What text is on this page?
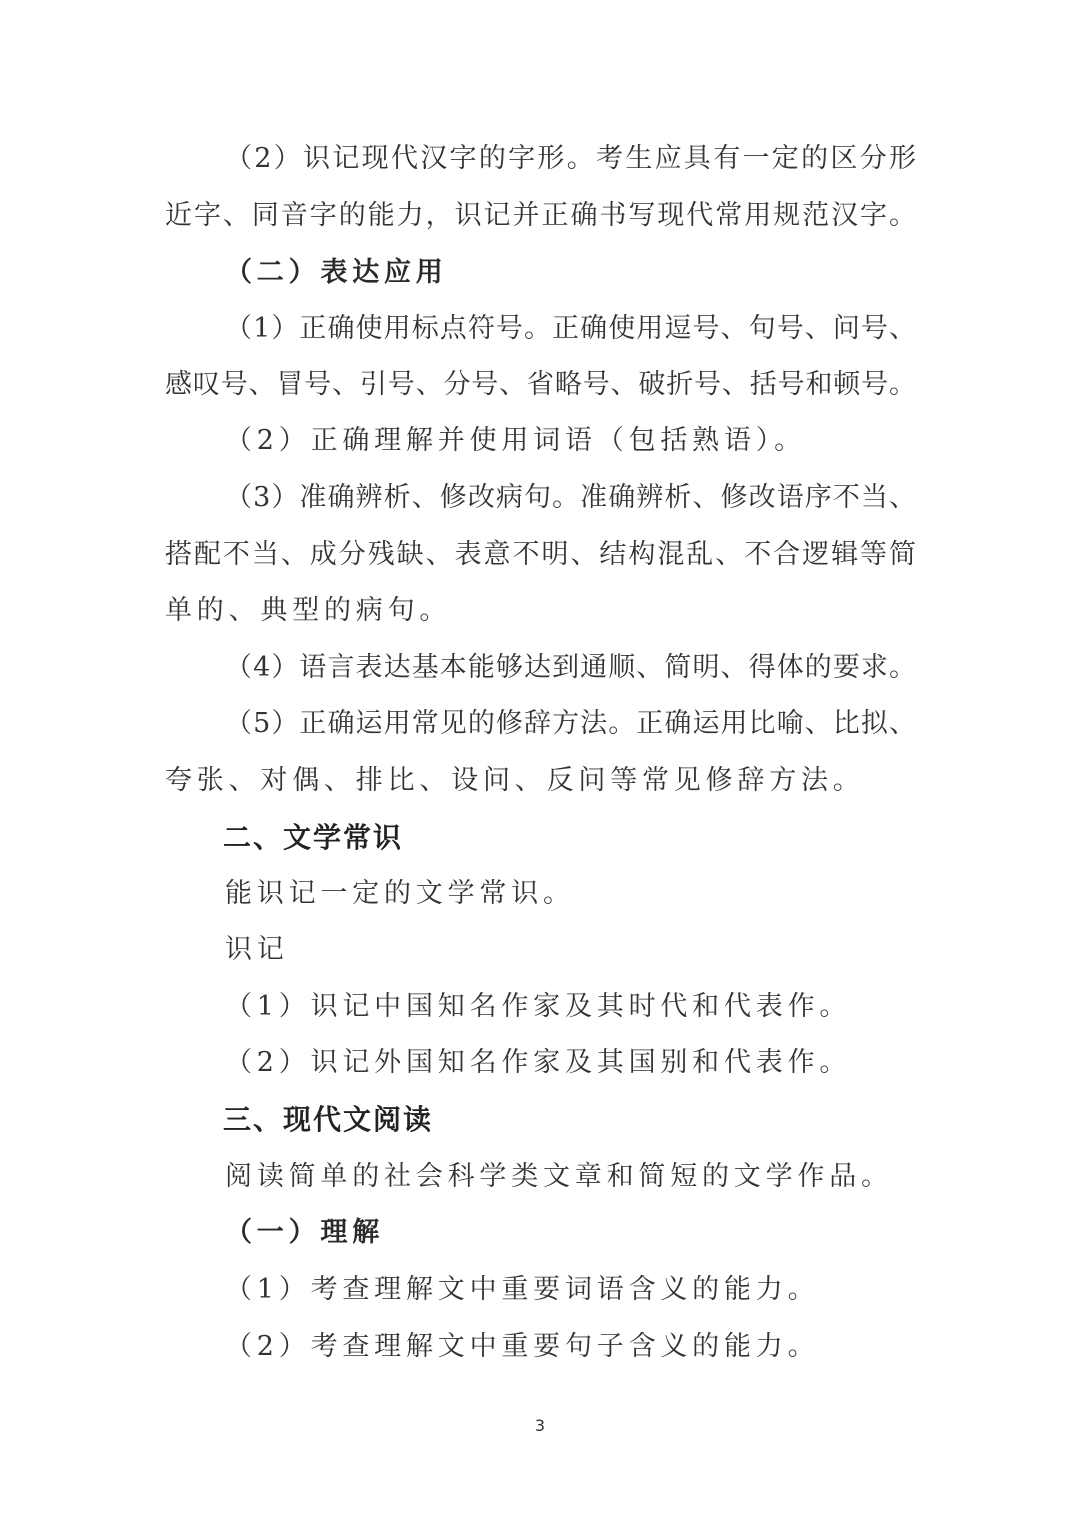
（2）识记现代汉字的字形。考生应具有一定的区分形
近字、同音字的能力，识记并正确书写现代常用规范汉字。
（二）表达应用
（1）正确使用标点符号。正确使用逗号、句号、问号、
感叹号、冒号、引号、分号、省略号、破折号、括号和顿号。
（2）正确理解并使用词语（包括熟语）。
（3）准确辨析、修改病句。准确辨析、修改语序不当、
搭配不当、成分残缺、表意不明、结构混乱、不合逻辑等简
单的、典型的病句。
（4）语言表达基本能够达到通顺、简明、得体的要求。
（5）正确运用常见的修辞方法。正确运用比喻、比拟、
夸张、对偶、排比、设问、反问等常见修辞方法。
二、文学常识
能识记一定的文学常识。
识记
（1）识记中国知名作家及其时代和代表作。
（2）识记外国知名作家及其国别和代表作。
三、现代文阅读
阅读简单的社会科学类文章和简短的文学作品。
（一）理解
（1）考查理解文中重要词语含义的能力。
（2）考查理解文中重要句子含义的能力。
3
